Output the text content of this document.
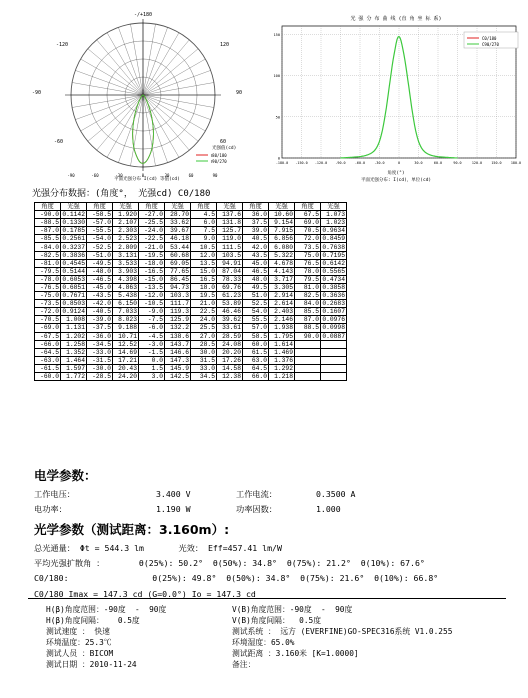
-90	-60	-30	0	30	60	90
-/+180
-120	120
-90	90
-60	60
光强值(cd)
Ⅰ80/180
Ⅰ90/270
平面光强分布 I(cd) 等值(cd)
光 强 分 布 曲 线 (直 角 坐 标 系)
-180.0 -150.0 -120.0 -90.0	-60.0	-30.0	0	30.0	60.0	90.0	120.0	150.0	180.0
150
100
50
0
C0/180
C90/270
角度(°)
平面光强分布: I(cd)，单位(cd)
光强分布数据：(角度°， 光强cd) C0/180
角度	光强	角度	光强	角度	光强	角度	光强	角度	光强	角度	光强
-90.0	0.1142	-58.5	1.920	-27.0	28.70	4.5	137.6	36.0	10.60	67.5	1.073
-88.5	0.1330	-57.0	2.107	-25.5	33.62	6.0	131.8	37.5	9.154	69.0	1.023
-87.0	0.1785	-55.5	2.303	-24.0	39.67	7.5	125.7	39.0	7.915	70.5	0.9634
-85.5	0.2561	-54.0	2.523	-22.5	46.18	9.0	119.0	40.5	6.856	72.0	0.8459
-84.0	0.3237	-52.5	2.809	-21.0	53.44	10.5	111.5	42.0	6.080	73.5	0.7638
-82.5	0.3836	-51.0	3.131	-19.5	60.68	12.0	103.5	43.5	5.322	75.0	0.7195
-81.0	0.4545	-49.5	3.533	-18.0	69.05	13.5	94.91	45.0	4.678	76.5	0.6142
-79.5	0.5144	-48.0	3.903	-16.5	77.65	15.0	87.04	46.5	4.143	78.0	0.5565
-78.0	0.6053	-46.5	4.398	-15.0	86.45	16.5	78.33	48.0	3.717	79.5	0.4734
-76.5	0.6851	-45.0	4.863	-13.5	94.73	18.0	69.76	49.5	3.305	81.0	0.3858
-75.0	0.7671	-43.5	5.438	-12.0	103.3	19.5	61.23	51.0	2.914	82.5	0.3636
-73.5	0.8503	-42.0	6.150	-10.5	111.7	21.0	53.89	52.5	2.614	84.0	0.2683
-72.0	0.9124	-40.5	7.033	-9.0	119.3	22.5	46.46	54.0	2.403	85.5	0.1607
-70.5	1.008	-39.0	8.023	-7.5	125.9	24.0	39.62	55.5	2.146	87.0	0.0976
-69.0	1.131	-37.5	9.188	-6.0	132.2	25.5	33.61	57.0	1.938	88.5	0.0998
-67.5	1.202	-36.0	10.71	-4.5	138.6	27.0	28.59	58.5	1.795	90.0	0.0887
-66.0	1.258	-34.5	12.52	-3.0	143.7	28.5	24.08	60.0	1.614		
-64.5	1.352	-33.0	14.69	-1.5	146.6	30.0	20.20	61.5	1.469		
-63.0	1.464	-31.5	17.21	0.0	147.3	31.5	17.26	63.0	1.376		
-61.5	1.597	-30.0	20.43	1.5	145.9	33.0	14.58	64.5	1.292		
-60.0	1.772	-28.5	24.20	3.0	142.5	34.5	12.38	66.0	1.218		
电学参数：
工作电压：	3.400 V	工作电流：	0.3500 A
电功率：	1.190 W	功率因数：	1.000
光学参数（测试距离：3.160m）:
总光通量： Φt = 544.3 lm       光效： Eff=457.41 lm/W
平均光强扩散角 ：       θ(25%): 50.2°  θ(50%): 34.8°  θ(75%): 21.2°  θ(10%): 67.6°
C0/180:                 θ(25%): 49.8°  θ(50%): 34.8°  θ(75%): 21.6°  θ(10%): 66.8°
C0/180 Imax = 147.3 cd (G=0.0°) Io = 147.3 cd
H(β)角度范围：-90度  -  90度
H(β)角度间隔：   0.5度
测试速度 ： 快速
环境温度：25.3℃
测试人员 ：BICOM
测试日期 ：2010-11-24
V(B)角度范围：-90度  -  90度
V(B)角度间隔：  0.5度
测试系统 ： 远方 (EVERFINE)GO-SPEC316系统 V1.0.255
环境湿度：65.0%
测试距离 ：3.160米 [K=1.0000]
备注：
